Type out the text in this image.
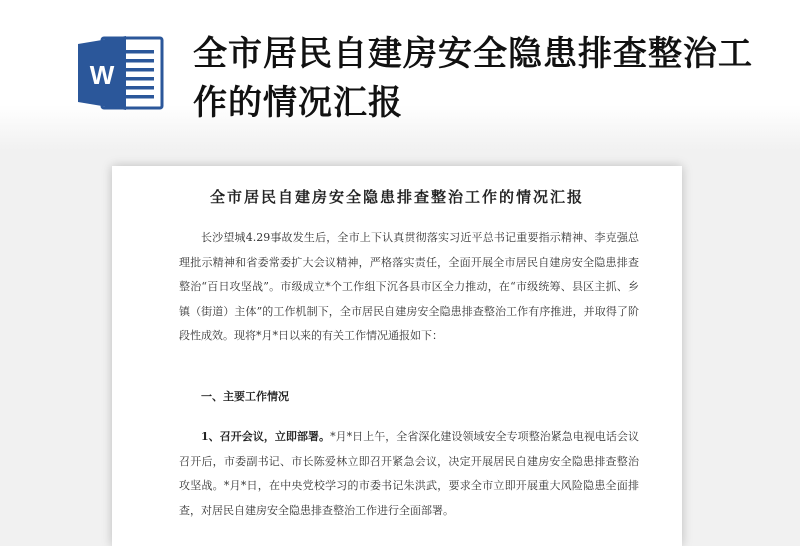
W
全市居民自建房安全隐患排查整治工作的情况汇报
全市居民自建房安全隐患排查整治工作的情况汇报

长沙望城4.29事故发生后，全市上下认真贯彻落实习近平总书记重要指示精神、李克强总理批示精神和省委常委扩大会议精神，严格落实责任，全面开展全市居民自建房安全隐患排查整治“百日攻坚战”。市级成立*个工作组下沉各县市区全力推动，在“市级统筹、县区主抓、乡镇（街道）主体”的工作机制下，全市居民自建房安全隐患排查整治工作有序推进，并取得了阶段性成效。现将*月*日以来的有关工作情况通报如下：

一、主要工作情况

1、召开会议，立即部署。*月*日上午，全省深化建设领域安全专项整治紧急电视电话会议召开后，市委副书记、市长陈爱林立即召开紧急会议，决定开展居民自建房安全隐患排查整治攻坚战。*月*日，在中央党校学习的市委书记朱洪武，要求全市立即开展重大风险隐患全面排查，对居民自建房安全隐患排查整治工作进行全面部署。
